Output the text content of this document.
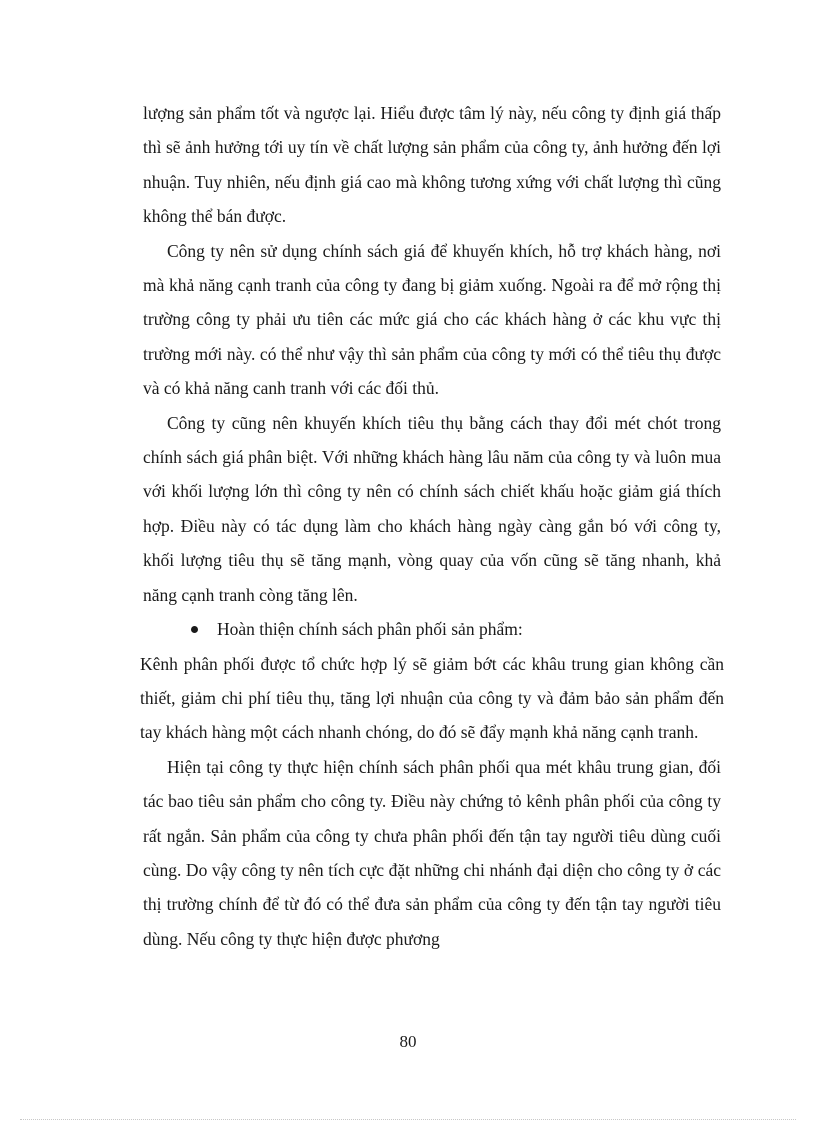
lượng sản phẩm tốt và ngược lại. Hiểu được tâm lý này, nếu công ty định giá thấp thì sẽ ảnh hưởng tới uy tín về chất lượng sản phẩm của công ty, ảnh hưởng đến lợi nhuận. Tuy nhiên, nếu định giá cao mà không tương xứng với chất lượng thì cũng không thể bán được.

Công ty nên sử dụng chính sách giá để khuyến khích, hỗ trợ khách hàng, nơi mà khả năng cạnh tranh của công ty đang bị giảm xuống. Ngoài ra để mở rộng thị trường công ty phải ưu tiên các mức giá cho các khách hàng ở các khu vực thị trường mới này. có thể như vậy thì sản phẩm của công ty mới có thể tiêu thụ được và có khả năng canh tranh với các đối thủ.

Công ty cũng nên khuyến khích tiêu thụ bằng cách thay đổi mét chót trong chính sách giá phân biệt. Với những khách hàng lâu năm của công ty và luôn mua với khối lượng lớn thì công ty nên có chính sách chiết khấu hoặc giảm giá thích hợp. Điều này có tác dụng làm cho khách hàng ngày càng gắn bó với công ty, khối lượng tiêu thụ sẽ tăng mạnh, vòng quay của vốn cũng sẽ tăng nhanh, khả năng cạnh tranh còng tăng lên.

Hoàn thiện chính sách phân phối sản phẩm:

Kênh phân phối được tổ chức hợp lý sẽ giảm bớt các khâu trung gian không cần thiết, giảm chi phí tiêu thụ, tăng lợi nhuận của công ty và đảm bảo sản phẩm đến tay khách hàng một cách nhanh chóng, do đó sẽ đẩy mạnh khả năng cạnh tranh.

Hiện tại công ty thực hiện chính sách phân phối qua mét khâu trung gian, đối tác bao tiêu sản phẩm cho công ty. Điều này chứng tỏ kênh phân phối của công ty rất ngắn. Sản phẩm của công ty chưa phân phối đến tận tay người tiêu dùng cuối cùng. Do vậy công ty nên tích cực đặt những chi nhánh đại diện cho công ty ở các thị trường chính để từ đó có thể đưa sản phẩm của công ty đến tận tay người tiêu dùng. Nếu công ty thực hiện được phương

80
